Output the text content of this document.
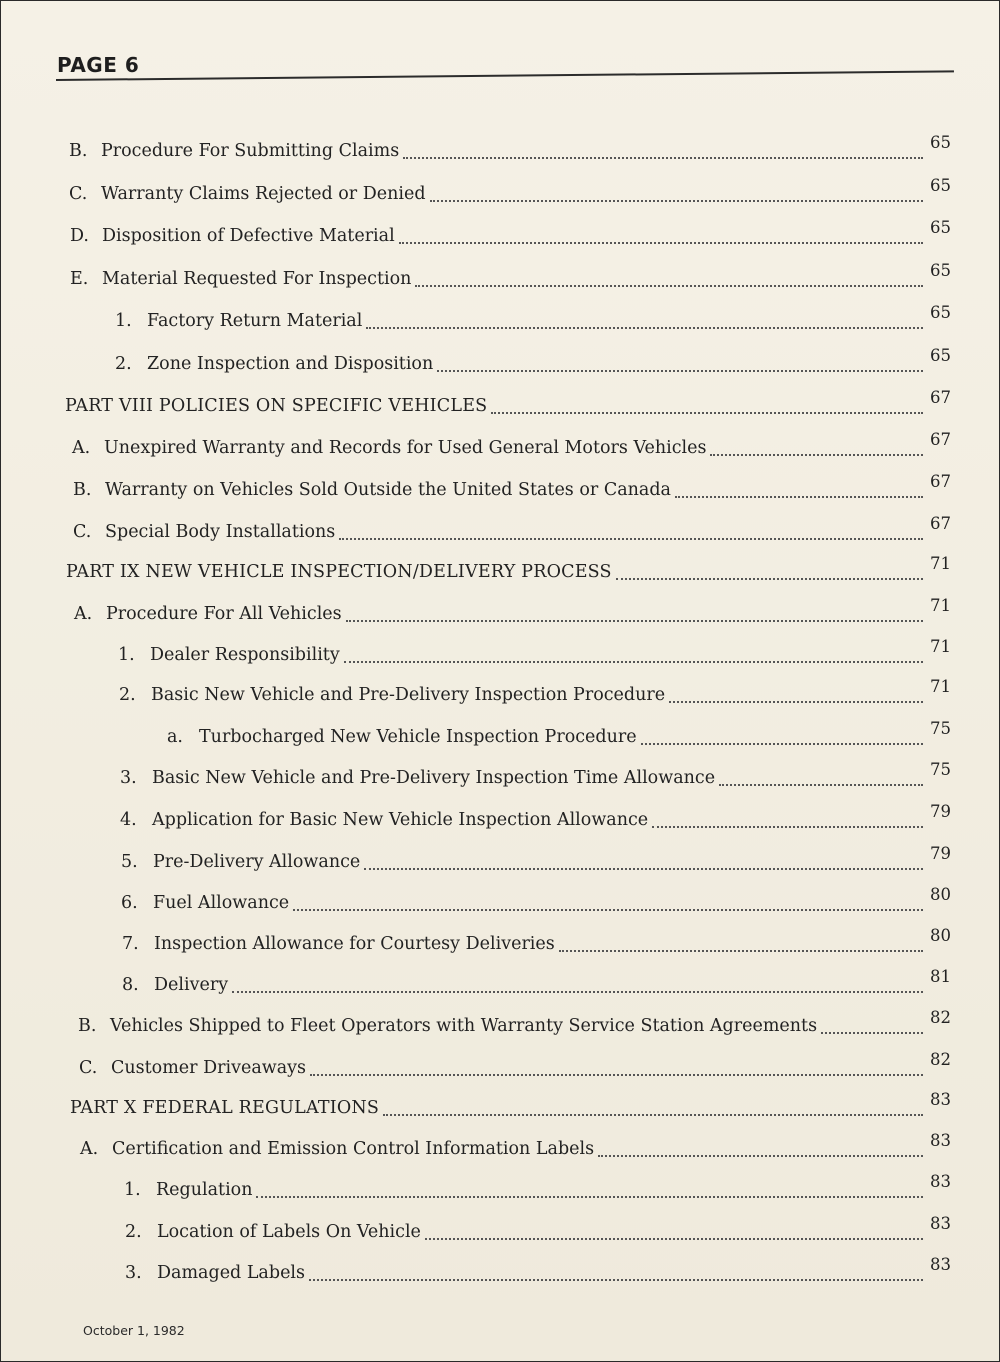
PAGE 6
B. Procedure For Submitting Claims	65
C. Warranty Claims Rejected or Denied	65
D. Disposition of Defective Material	65
E. Material Requested For Inspection	65
1. Factory Return Material	65
2. Zone Inspection and Disposition	65
PART VIII POLICIES ON SPECIFIC VEHICLES	67
A. Unexpired Warranty and Records for Used General Motors Vehicles	67
B. Warranty on Vehicles Sold Outside the United States or Canada	67
C. Special Body Installations	67
PART IX NEW VEHICLE INSPECTION/DELIVERY PROCESS	71
A. Procedure For All Vehicles	71
1. Dealer Responsibility	71
2. Basic New Vehicle and Pre-Delivery Inspection Procedure	71
a. Turbocharged New Vehicle Inspection Procedure	75
3. Basic New Vehicle and Pre-Delivery Inspection Time Allowance	75
4. Application for Basic New Vehicle Inspection Allowance	79
5. Pre-Delivery Allowance	79
6. Fuel Allowance	80
7. Inspection Allowance for Courtesy Deliveries	80
8. Delivery	81
B. Vehicles Shipped to Fleet Operators with Warranty Service Station Agreements	82
C. Customer Driveaways	82
PART X FEDERAL REGULATIONS	83
A. Certification and Emission Control Information Labels	83
1. Regulation	83
2. Location of Labels On Vehicle	83
3. Damaged Labels	83
October 1, 1982
